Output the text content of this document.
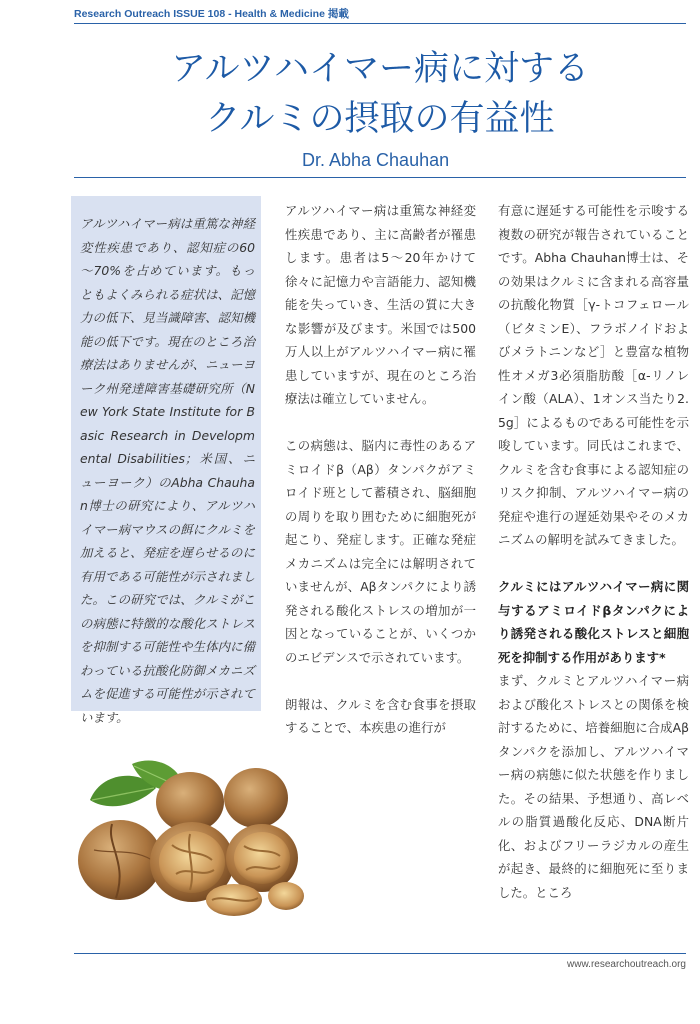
Research Outreach ISSUE 108 - Health & Medicine 掲載
アルツハイマー病に対する
クルミの摂取の有益性
Dr. Abha Chauhan

アルツハイマー病は重篤な神経変性疾患であり、認知症の60～70%を占めています。もっともよくみられる症状は、記憶力の低下、見当識障害、認知機能の低下です。現在のところ治療法はありませんが、ニューヨーク州発達障害基礎研究所（New York State Institute for Basic Research in Developmental Disabilities；米国、ニューヨーク）のAbha Chauhan博士の研究により、アルツハイマー病マウスの餌にクルミを加えると、発症を遅らせるのに有用である可能性が示されました。この研究では、クルミがこの病態に特徴的な酸化ストレスを抑制する可能性や生体内に備わっている抗酸化防御メカニズムを促進する可能性が示されています。

アルツハイマー病は重篤な神経変性疾患であり、主に高齢者が罹患します。患者は5～20年かけて徐々に記憶力や言語能力、認知機能を失っていき、生活の質に大きな影響が及びます。米国では500万人以上がアルツハイマー病に罹患していますが、現在のところ治療法は確立していません。

この病態は、脳内に毒性のあるアミロイドβ（Aβ）タンパクがアミロイド班として蓄積され、脳細胞の周りを取り囲むために細胞死が起こり、発症します。正確な発症メカニズムは完全には解明されていませんが、Aβタンパクにより誘発される酸化ストレスの増加が一因となっていることが、いくつかのエビデンスで示されています。

朗報は、クルミを含む食事を摂取することで、本疾患の進行が

有意に遅延する可能性を示唆する複数の研究が報告されていることです。Abha Chauhan博士は、その効果はクルミに含まれる高容量の抗酸化物質［γ-トコフェロール（ビタミンE）、フラボノイドおよびメラトニンなど］と豊富な植物性オメガ3必須脂肪酸［α-リノレイン酸（ALA）、1オンス当たり2.5g］によるものである可能性を示唆しています。同氏はこれまで、クルミを含む食事による認知症のリスク抑制、アルツハイマー病の発症や進行の遅延効果やそのメカニズムの解明を試みてきました。

クルミにはアルツハイマー病に関与するアミロイドβタンパクにより誘発される酸化ストレスと細胞死を抑制する作用があります*

まず、クルミとアルツハイマー病および酸化ストレスとの関係を検討するために、培養細胞に合成Aβタンパクを添加し、アルツハイマー病の病態に似た状態を作りました。その結果、予想通り、高レベルの脂質過酸化反応、DNA断片化、およびフリーラジカルの産生が起き、最終的に細胞死に至りました。ところ

www.researchoutreach.org
